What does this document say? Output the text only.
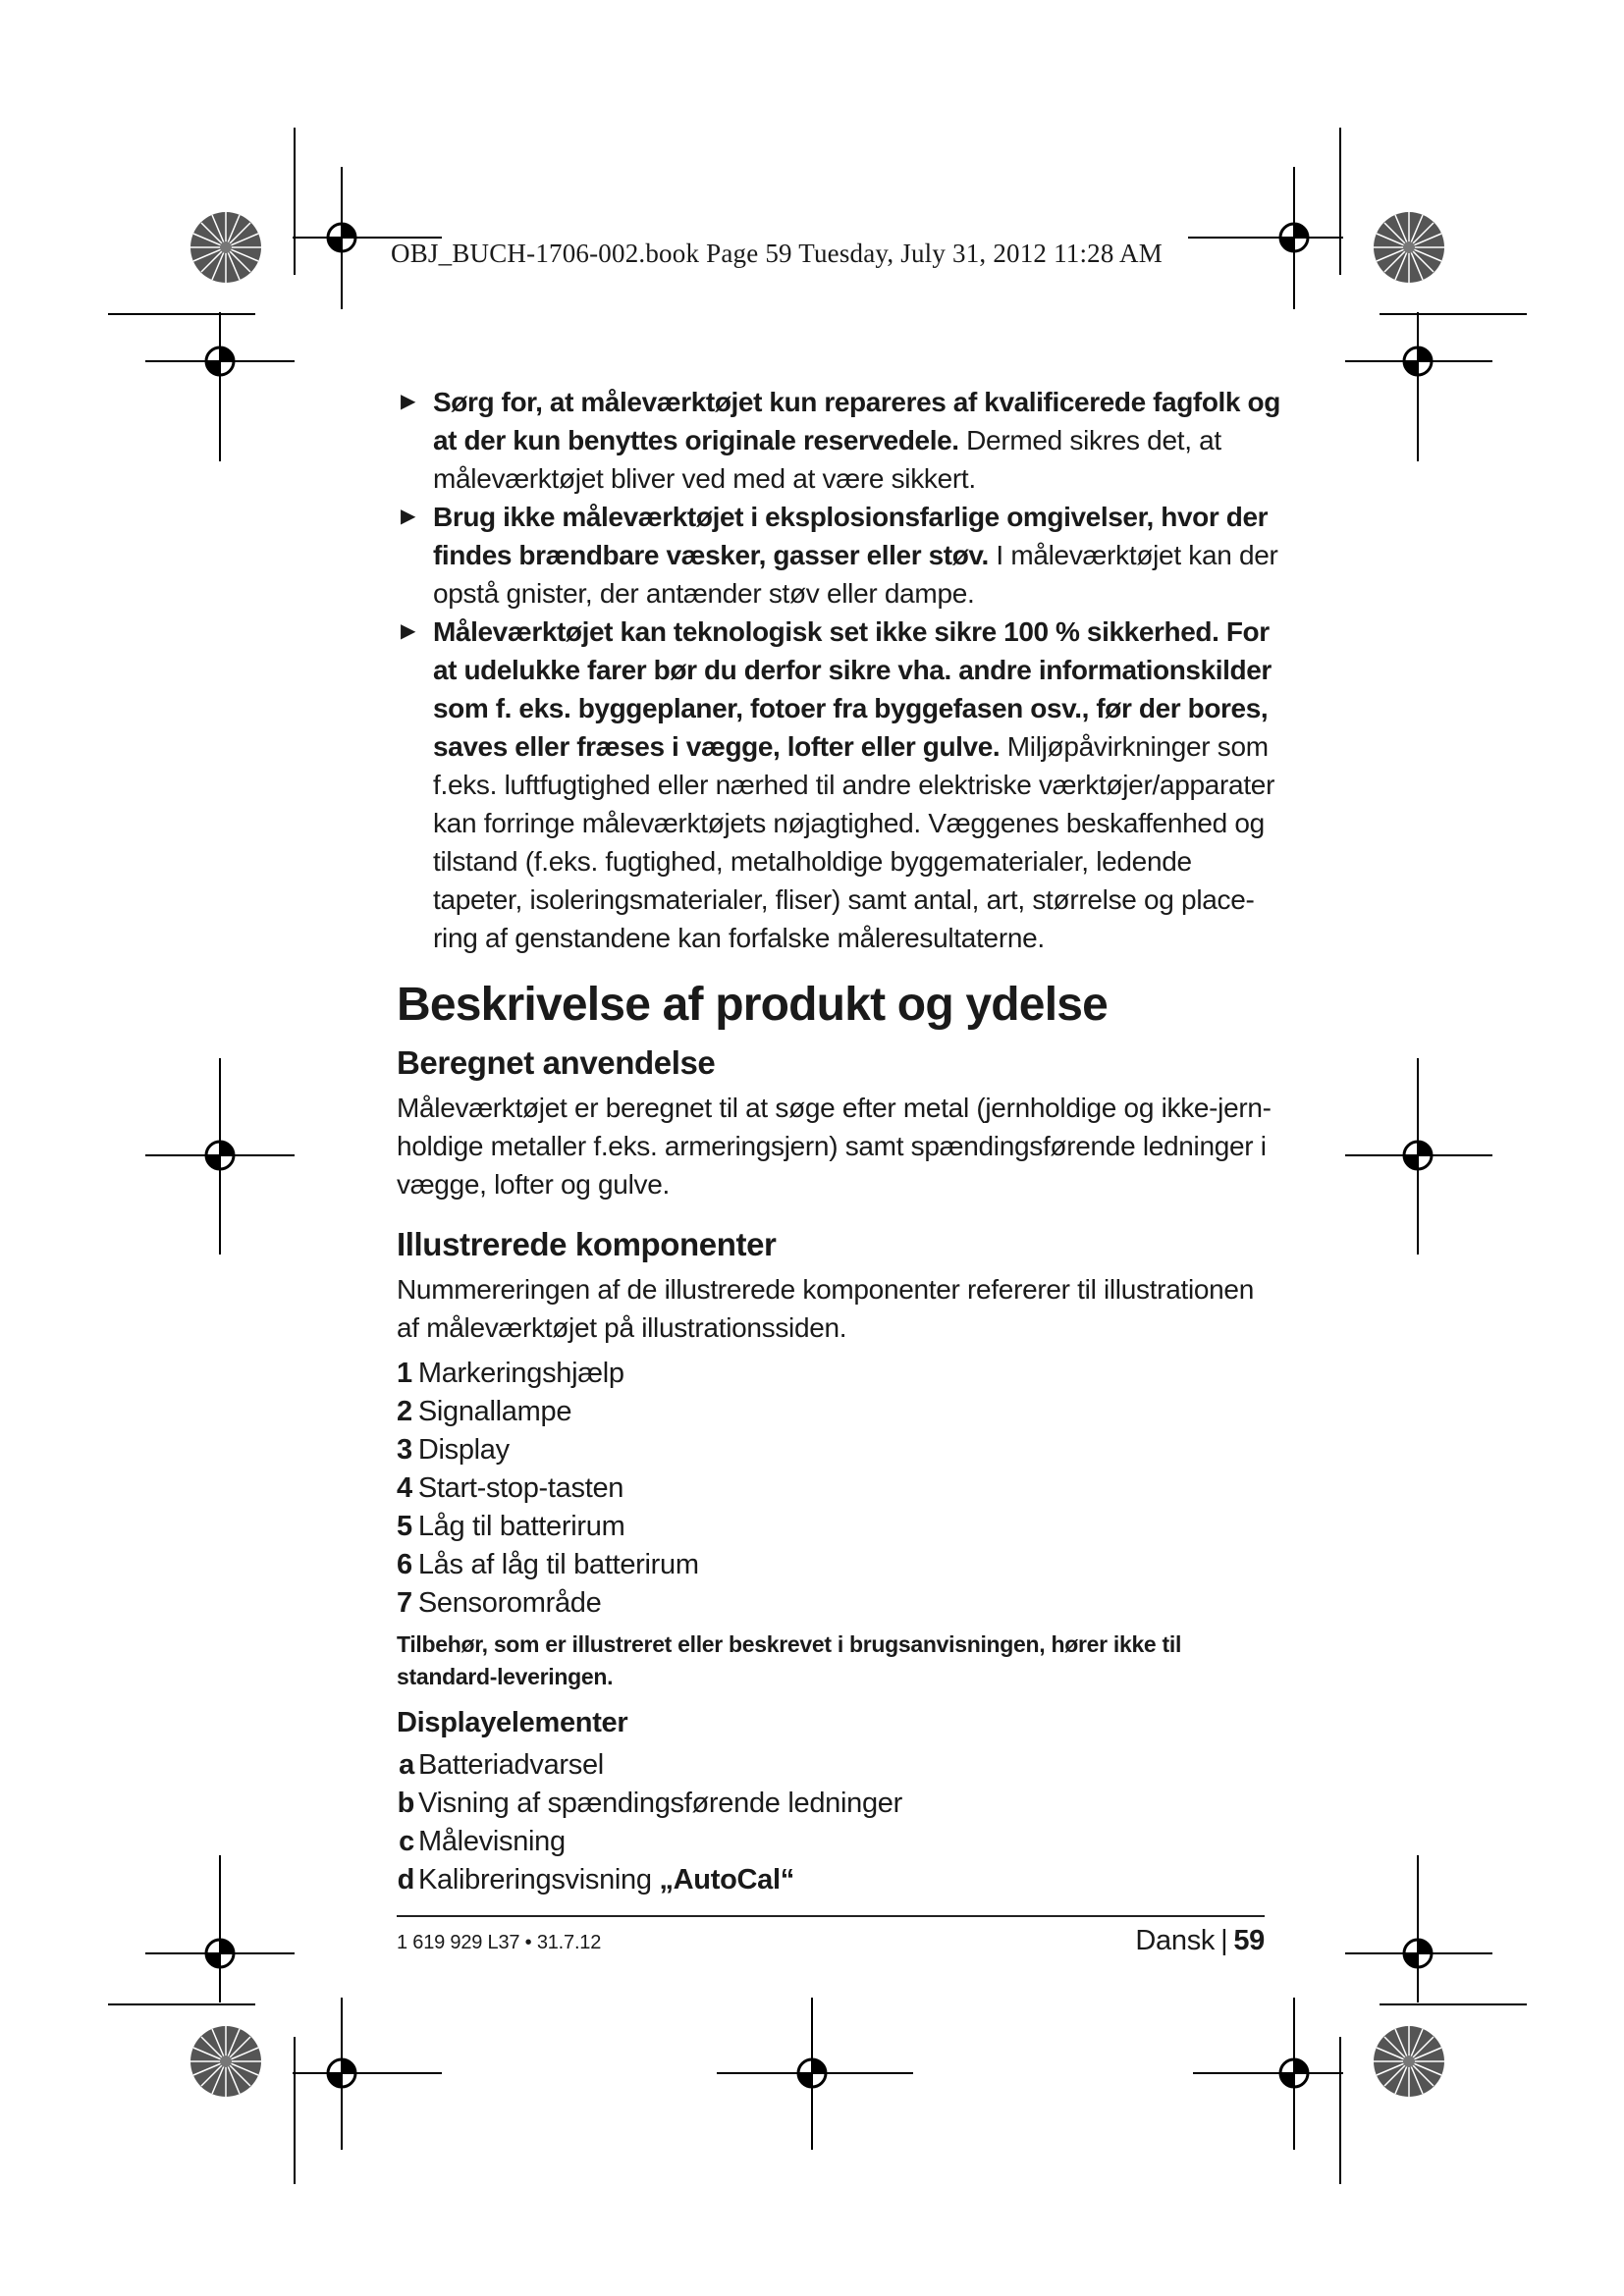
OBJ_BUCH-1706-002.book Page 59 Tuesday, July 31, 2012 11:28 AM

▶ Sørg for, at måleværktøjet kun repareres af kvalificerede fagfolk og at der kun benyttes originale reservedele. Dermed sikres det, at måleværktøjet bliver ved med at være sikkert.

▶ Brug ikke måleværktøjet i eksplosionsfarlige omgivelser, hvor der findes brændbare væsker, gasser eller støv. I måleværktøjet kan der opstå gnister, der antænder støv eller dampe.

▶ Måleværktøjet kan teknologisk set ikke sikre 100 % sikkerhed. For at udelukke farer bør du derfor sikre vha. andre informationskilder som f. eks. byggeplaner, fotoer fra byggefasen osv., før der bores, saves eller fræses i vægge, lofter eller gulve. Miljøpåvirkninger som f.eks. luftfugtighed eller nærhed til andre elektriske værktøjer/apparater kan forringe måleværktøjets nøjagtighed. Væggenes beskaffenhed og tilstand (f.eks. fugtighed, metalholdige byggematerialer, ledende tapeter, isoleringsmaterialer, fliser) samt antal, art, størrelse og place-ring af genstandene kan forfalske måleresultaterne.

Beskrivelse af produkt og ydelse
Beregnet anvendelse

Måleværktøjet er beregnet til at søge efter metal (jernholdige og ikke-jern-holdige metaller f.eks. armeringsjern) samt spændingsførende ledninger i vægge, lofter og gulve.

Illustrerede komponenter

Nummereringen af de illustrerede komponenter refererer til illustrationen af måleværktøjet på illustrationssiden.

1 Markeringshjælp
2 Signallampe
3 Display
4 Start-stop-tasten
5 Låg til batterirum
6 Lås af låg til batterirum
7 Sensorområde

Tilbehør, som er illustreret eller beskrevet i brugsanvisningen, hører ikke til standard-leveringen.

Displayelementer
a Batteriadvarsel
b Visning af spændingsførende ledninger
c Målevisning
d Kalibreringsvisning „AutoCal“
1 619 929 L37 • 31.7.12	Dansk | 59
